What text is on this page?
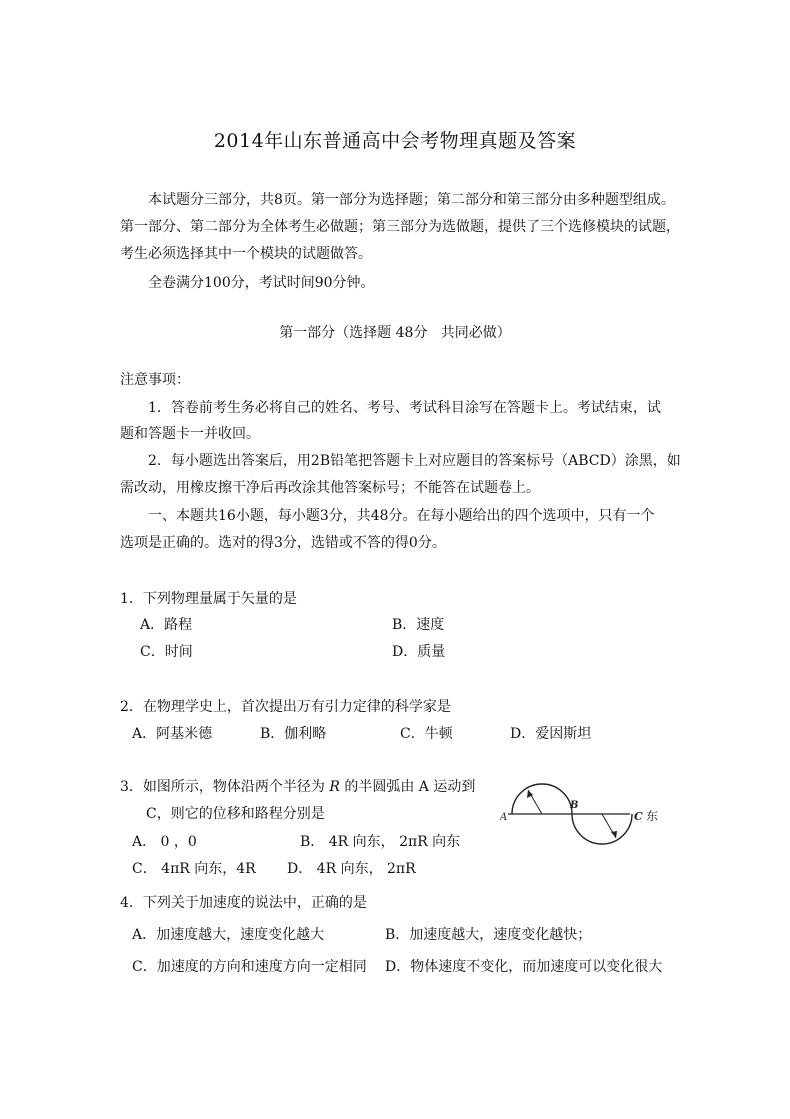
2014年山东普通高中会考物理真题及答案
本试题分三部分，共8页。第一部分为选择题；第二部分和第三部分由多种题型组成。
第一部分、第二部分为全体考生必做题；第三部分为选做题，提供了三个选修模块的试题，
考生必须选择其中一个模块的试题做答。
全卷满分100分，考试时间90分钟。
第一部分（选择题 48分   共同必做）
注意事项：
1．答卷前考生务必将自己的姓名、考号、考试科目涂写在答题卡上。考试结束，试
题和答题卡一并收回。
2．每小题选出答案后，用2B铅笔把答题卡上对应题目的答案标号（ABCD）涂黑，如
需改动，用橡皮擦干净后再改涂其他答案标号；不能答在试题卷上。
一、本题共16小题，每小题3分，共48分。在每小题给出的四个选项中，只有一个
选项是正确的。选对的得3分，选错或不答的得0分。
1．下列物理量属于矢量的是
A．路程	B．速度
C．时间	D．质量
2．在物理学史上，首次提出万有引力定律的科学家是
A．阿基米德	B．伽利略	C．牛顿	D．爱因斯坦
3．如图所示，物体沿两个半径为 R 的半圆弧由 A 运动到
C，则它的位移和路程分别是
A． 0 ，0	B． 4R 向东， 2πR 向东
C． 4πR 向东，4R D． 4R 向东， 2πR
A
B
C 东
4．下列关于加速度的说法中，正确的是
A．加速度越大，速度变化越大	B．加速度越大，速度变化越快；
C．加速度的方向和速度方向一定相同 D．物体速度不变化，而加速度可以变化很大
